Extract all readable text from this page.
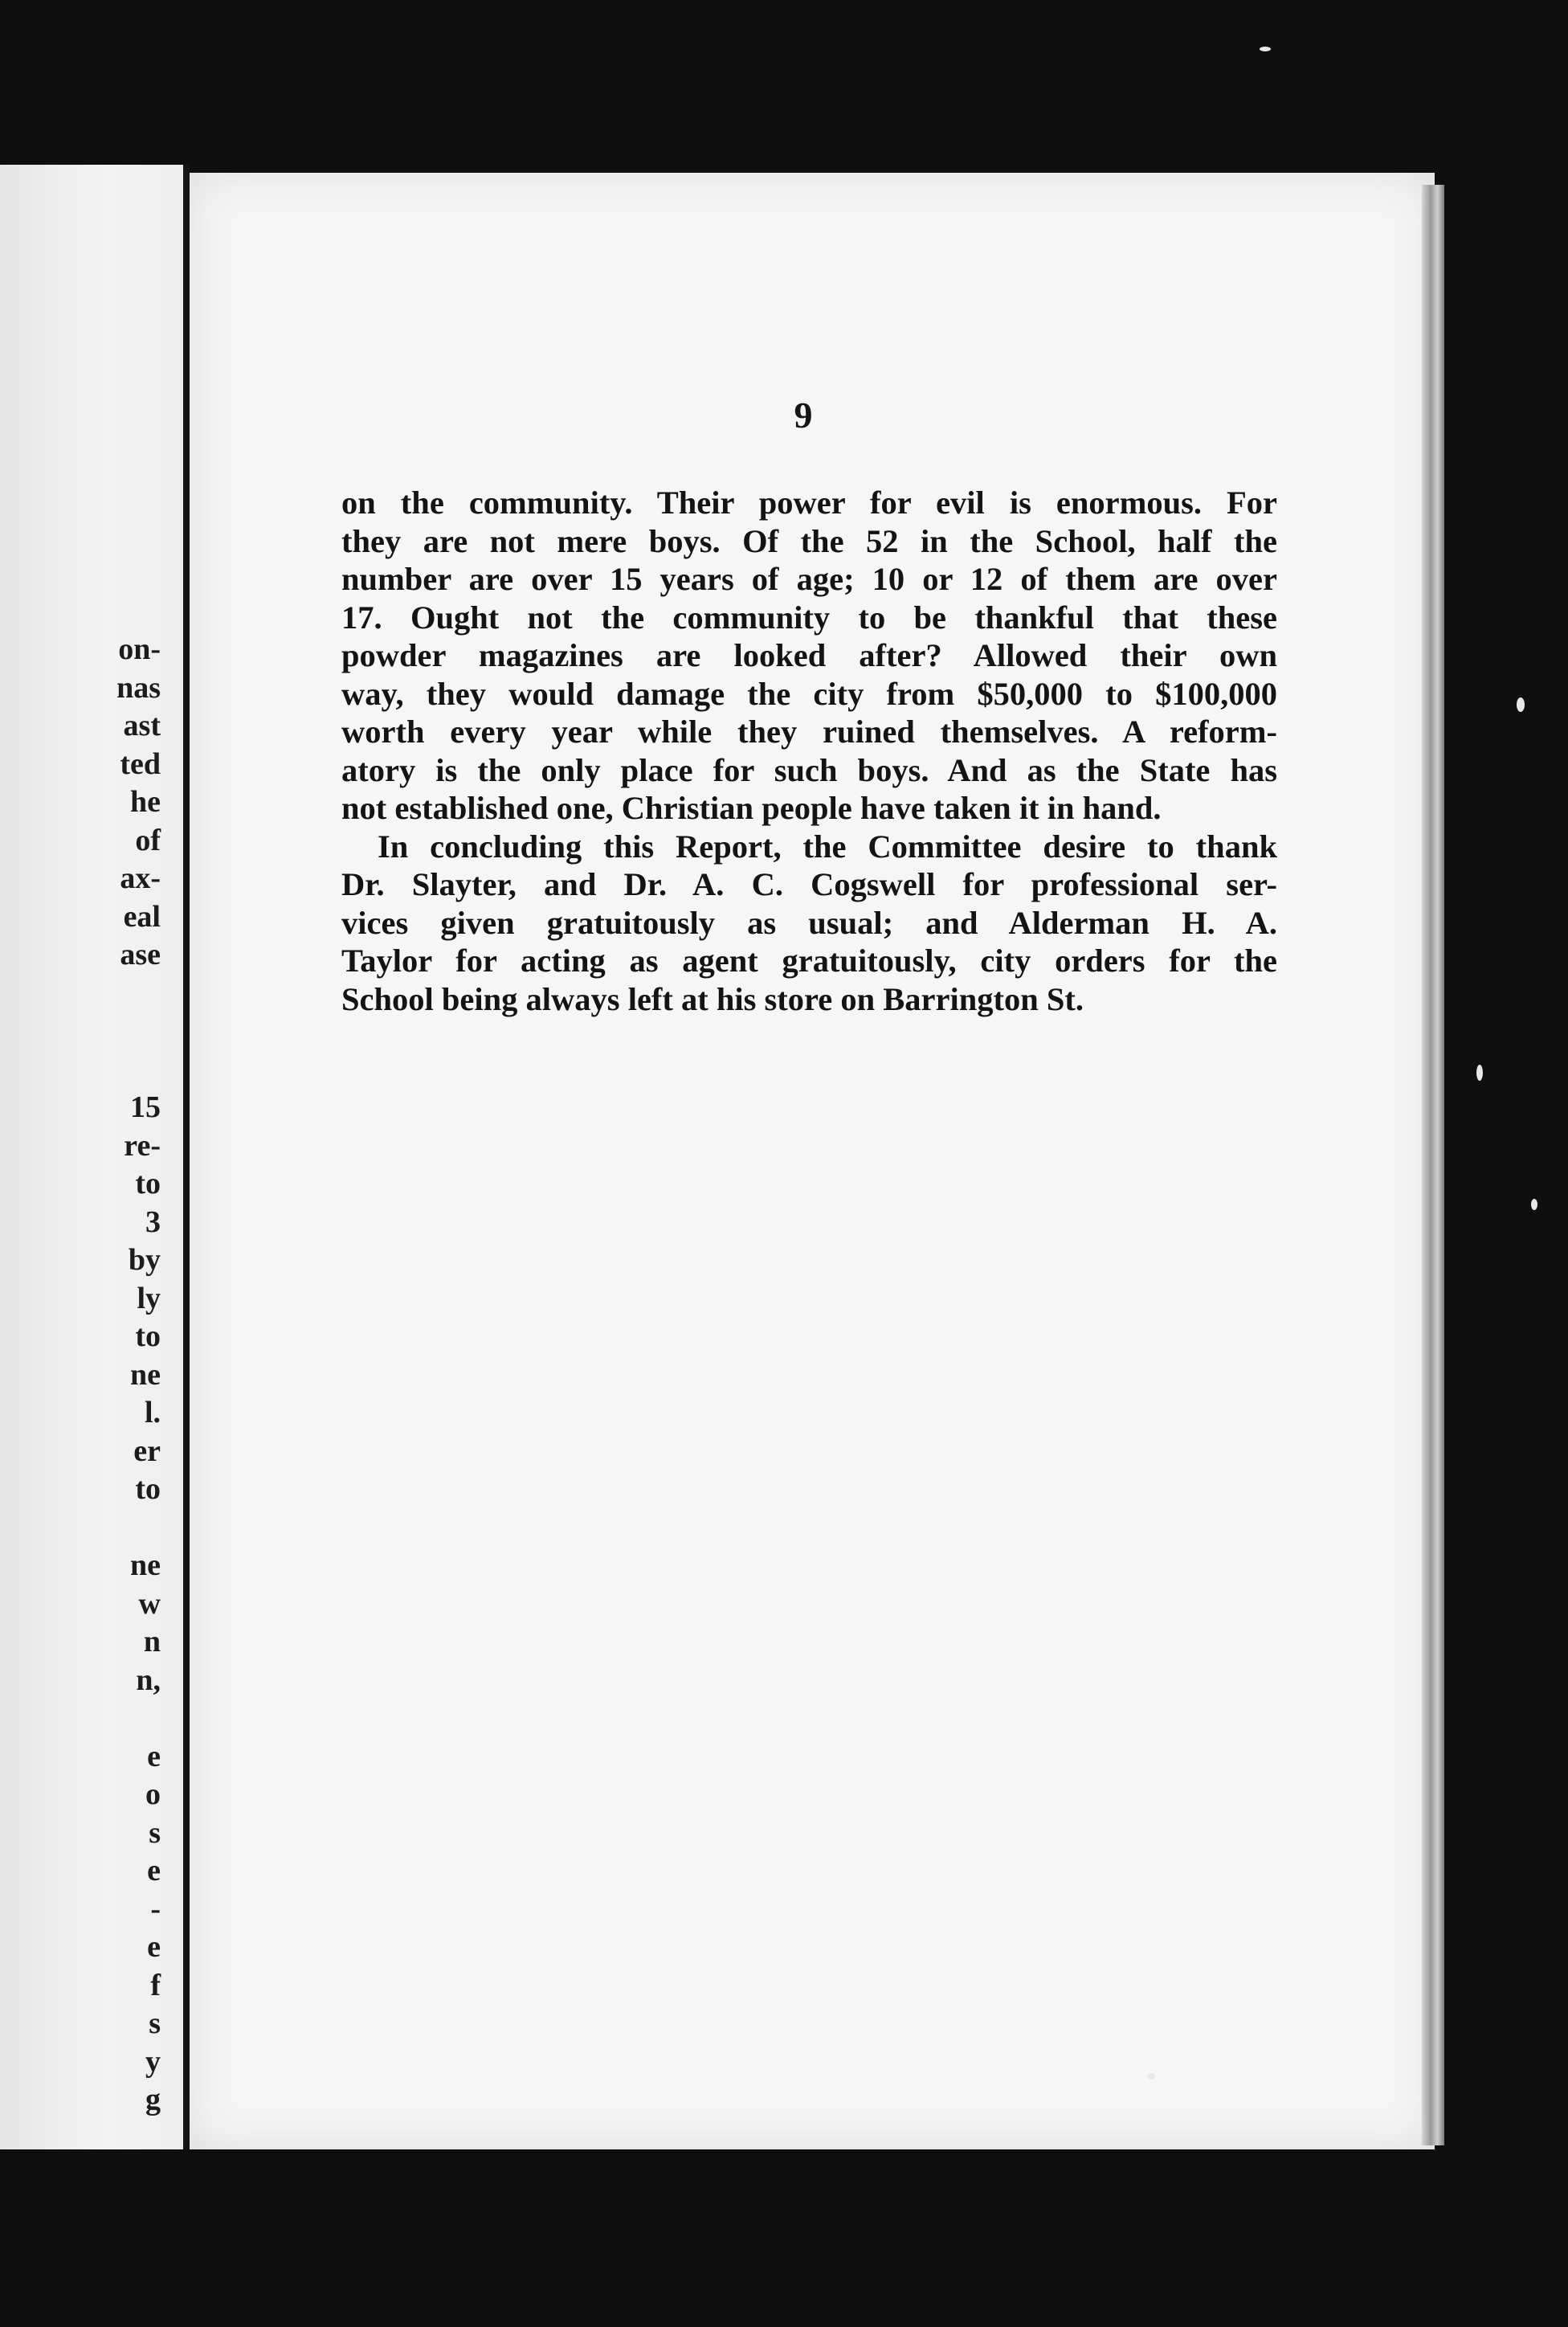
on-
nas
ast
ted
he
of
ax-
eal
ase
15
re-
to
3
by
ly
to
ne
l.
er
to
ne
w
n
n,
e
o
s
e
-
e
f
s
y
g
9
on the community. Their power for evil is enormous. For
they are not mere boys. Of the 52 in the School, half the
number are over 15 years of age; 10 or 12 of them are over
17. Ought not the community to be thankful that these
powder magazines are looked after? Allowed their own
way, they would damage the city from $50,000 to $100,000
worth every year while they ruined themselves. A reform-
atory is the only place for such boys. And as the State has
not established one, Christian people have taken it in hand.
In concluding this Report, the Committee desire to thank
Dr. Slayter, and Dr. A. C. Cogswell for professional ser-
vices given gratuitously as usual; and Alderman H. A.
Taylor for acting as agent gratuitously, city orders for the
School being always left at his store on Barrington St.
